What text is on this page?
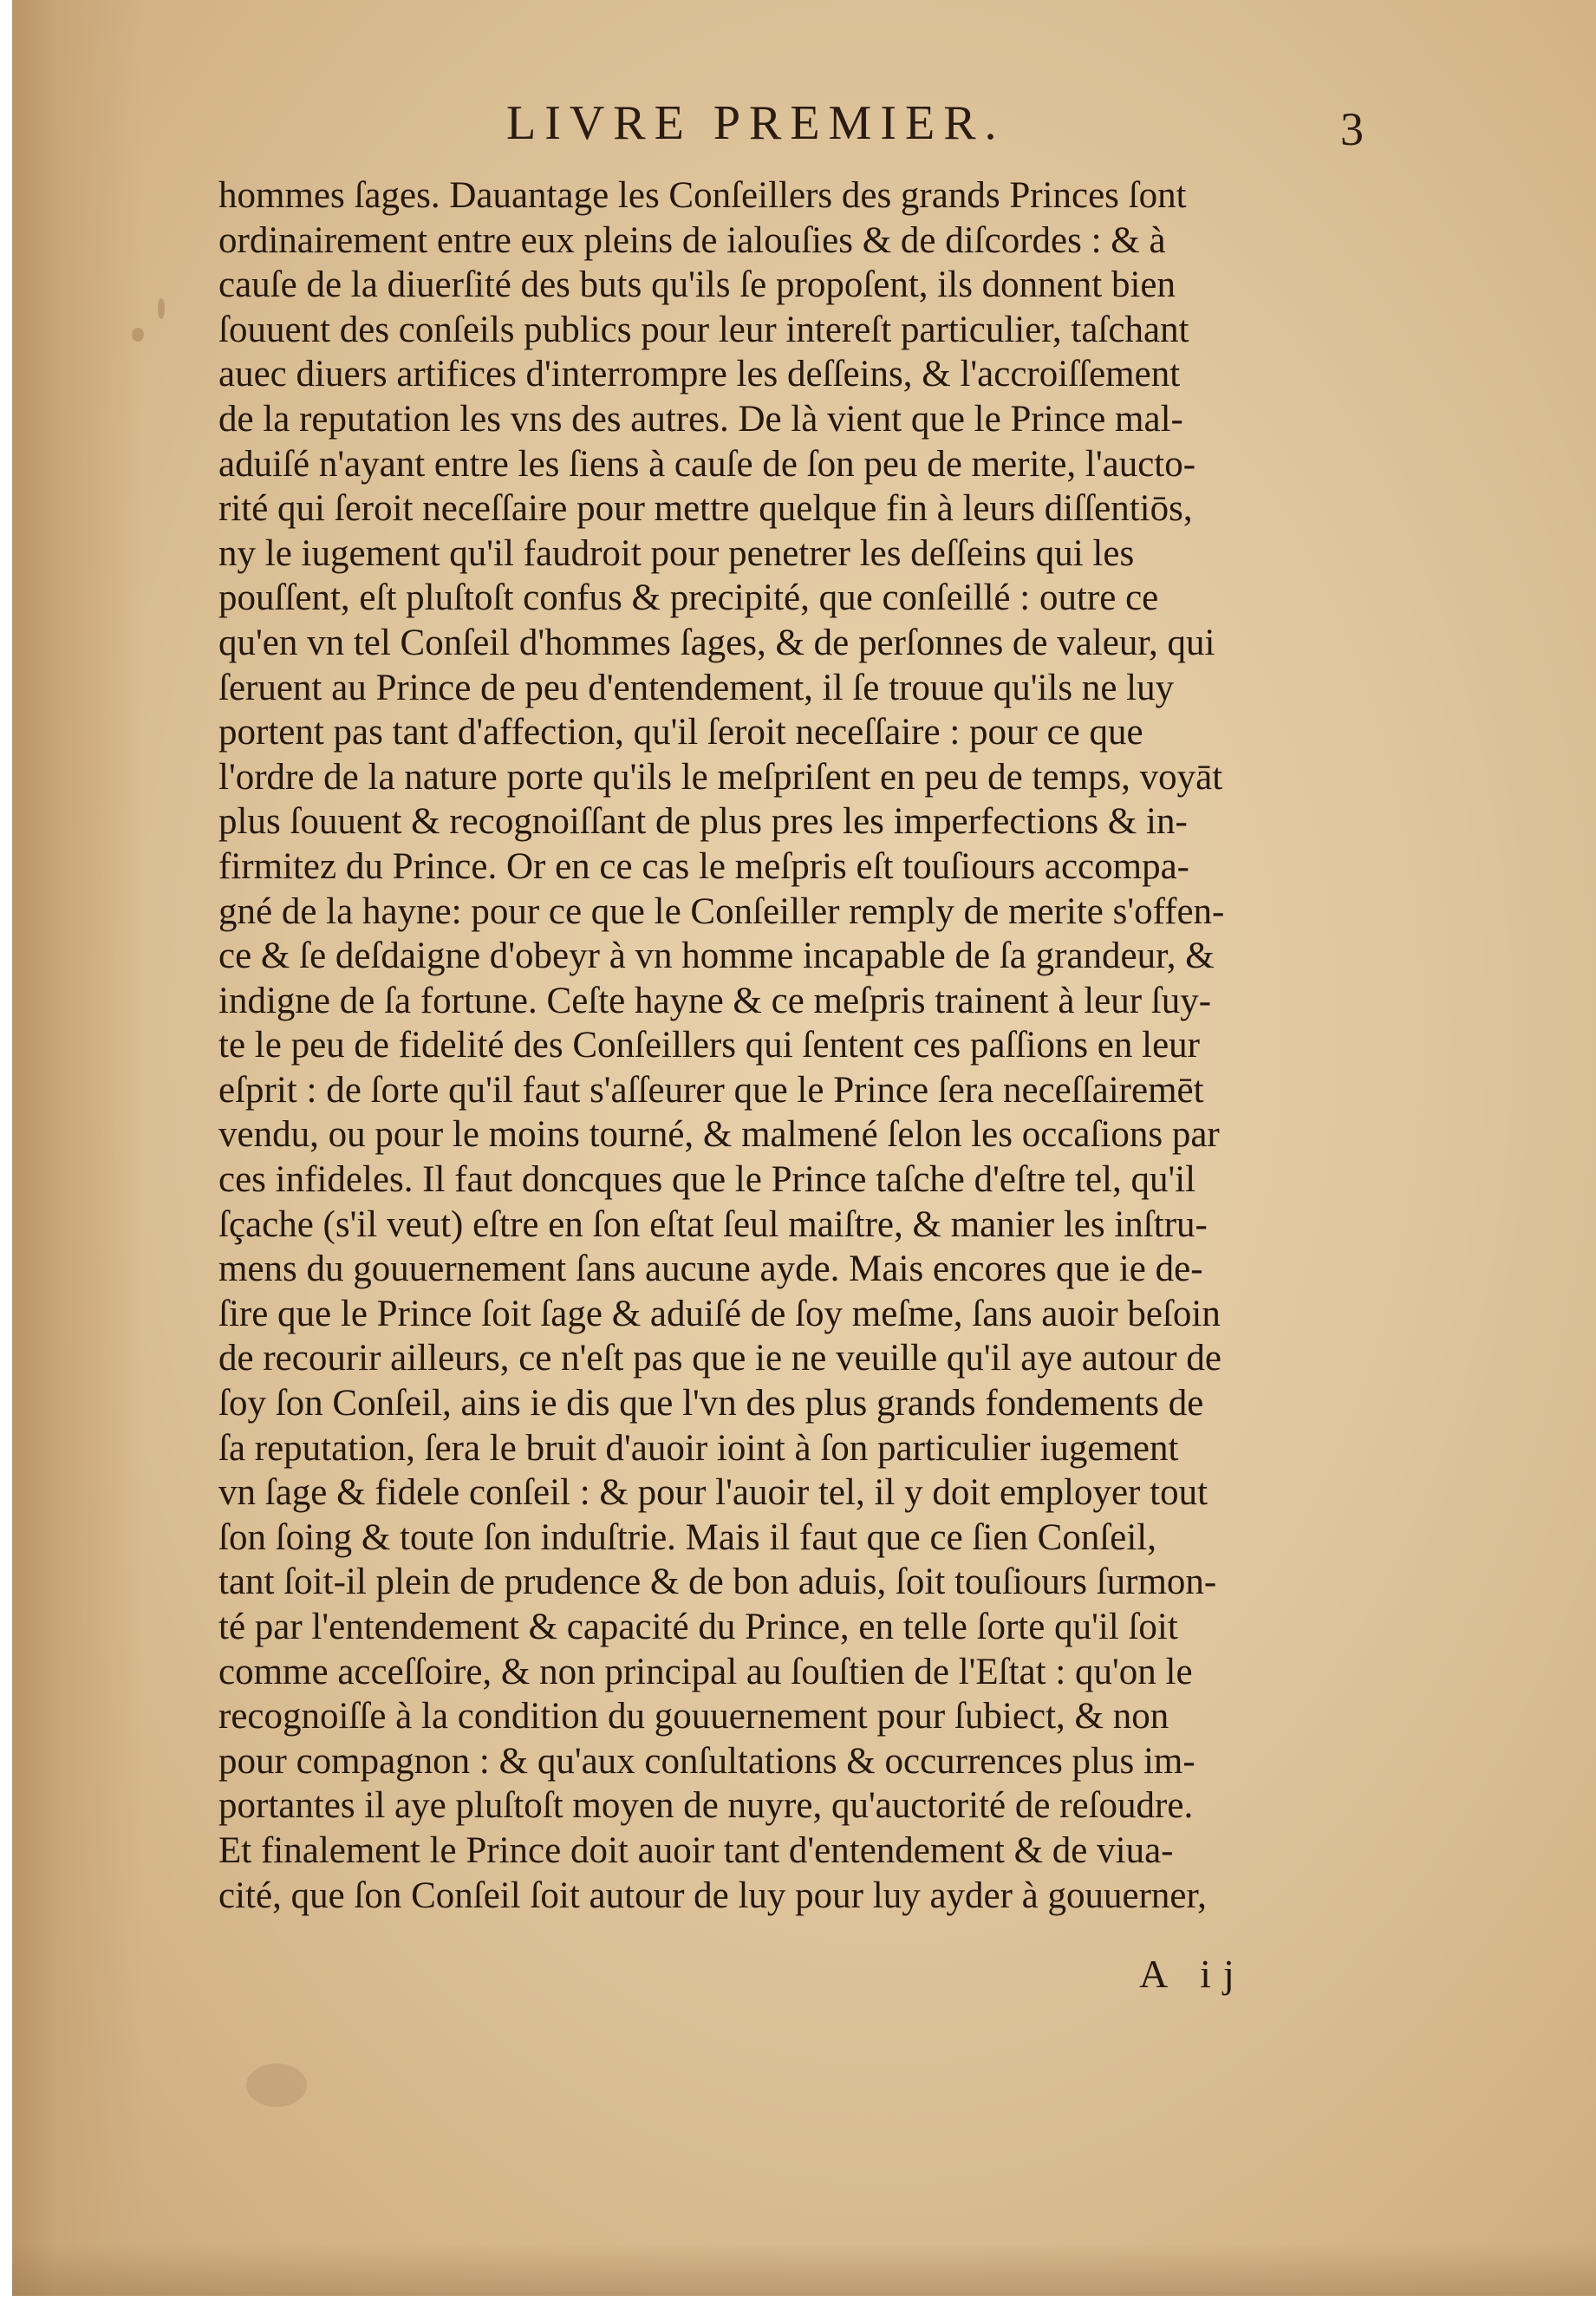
LIVRE PREMIER.	3
hommes ſages. Dauantage les Conſeillers des grands Princes ſont
ordinairement entre eux pleins de ialouſies & de diſcordes : & à
cauſe de la diuerſité des buts qu'ils ſe propoſent, ils donnent bien
ſouuent des conſeils publics pour leur intereſt particulier, taſchant
auec diuers artifices d'interrompre les deſſeins, & l'accroiſſement
de la reputation les vns des autres. De là vient que le Prince mal-
aduiſé n'ayant entre les ſiens à cauſe de ſon peu de merite, l'aucto-
rité qui ſeroit neceſſaire pour mettre quelque fin à leurs diſſentiōs,
ny le iugement qu'il faudroit pour penetrer les deſſeins qui les
pouſſent, eſt pluſtoſt confus & precipité, que conſeillé : outre ce
qu'en vn tel Conſeil d'hommes ſages, & de perſonnes de valeur, qui
ſeruent au Prince de peu d'entendement, il ſe trouue qu'ils ne luy
portent pas tant d'affection, qu'il ſeroit neceſſaire : pour ce que
l'ordre de la nature porte qu'ils le meſpriſent en peu de temps, voyāt
plus ſouuent & recognoiſſant de plus pres les imperfections & in-
firmitez du Prince. Or en ce cas le meſpris eſt touſiours accompa-
gné de la hayne: pour ce que le Conſeiller remply de merite s'offen-
ce & ſe deſdaigne d'obeyr à vn homme incapable de ſa grandeur, &
indigne de ſa fortune. Ceſte hayne & ce meſpris trainent à leur ſuy-
te le peu de fidelité des Conſeillers qui ſentent ces paſſions en leur
eſprit : de ſorte qu'il faut s'aſſeurer que le Prince ſera neceſſairemēt
vendu, ou pour le moins tourné, & malmené ſelon les occaſions par
ces infideles. Il faut doncques que le Prince taſche d'eſtre tel, qu'il
ſçache (s'il veut) eſtre en ſon eſtat ſeul maiſtre, & manier les inſtru-
mens du gouuernement ſans aucune ayde. Mais encores que ie de-
ſire que le Prince ſoit ſage & aduiſé de ſoy meſme, ſans auoir beſoin
de recourir ailleurs, ce n'eſt pas que ie ne veuille qu'il aye autour de
ſoy ſon Conſeil, ains ie dis que l'vn des plus grands fondements de
ſa reputation, ſera le bruit d'auoir ioint à ſon particulier iugement
vn ſage & fidele conſeil : & pour l'auoir tel, il y doit employer tout
ſon ſoing & toute ſon induſtrie. Mais il faut que ce ſien Conſeil,
tant ſoit-il plein de prudence & de bon aduis, ſoit touſiours ſurmon-
té par l'entendement & capacité du Prince, en telle ſorte qu'il ſoit
comme acceſſoire, & non principal au ſouſtien de l'Eſtat : qu'on le
recognoiſſe à la condition du gouuernement pour ſubiect, & non
pour compagnon : & qu'aux conſultations & occurrences plus im-
portantes il aye pluſtoſt moyen de nuyre, qu'auctorité de reſoudre.
Et finalement le Prince doit auoir tant d'entendement & de viua-
cité, que ſon Conſeil ſoit autour de luy pour luy ayder à gouuerner,
A ij
